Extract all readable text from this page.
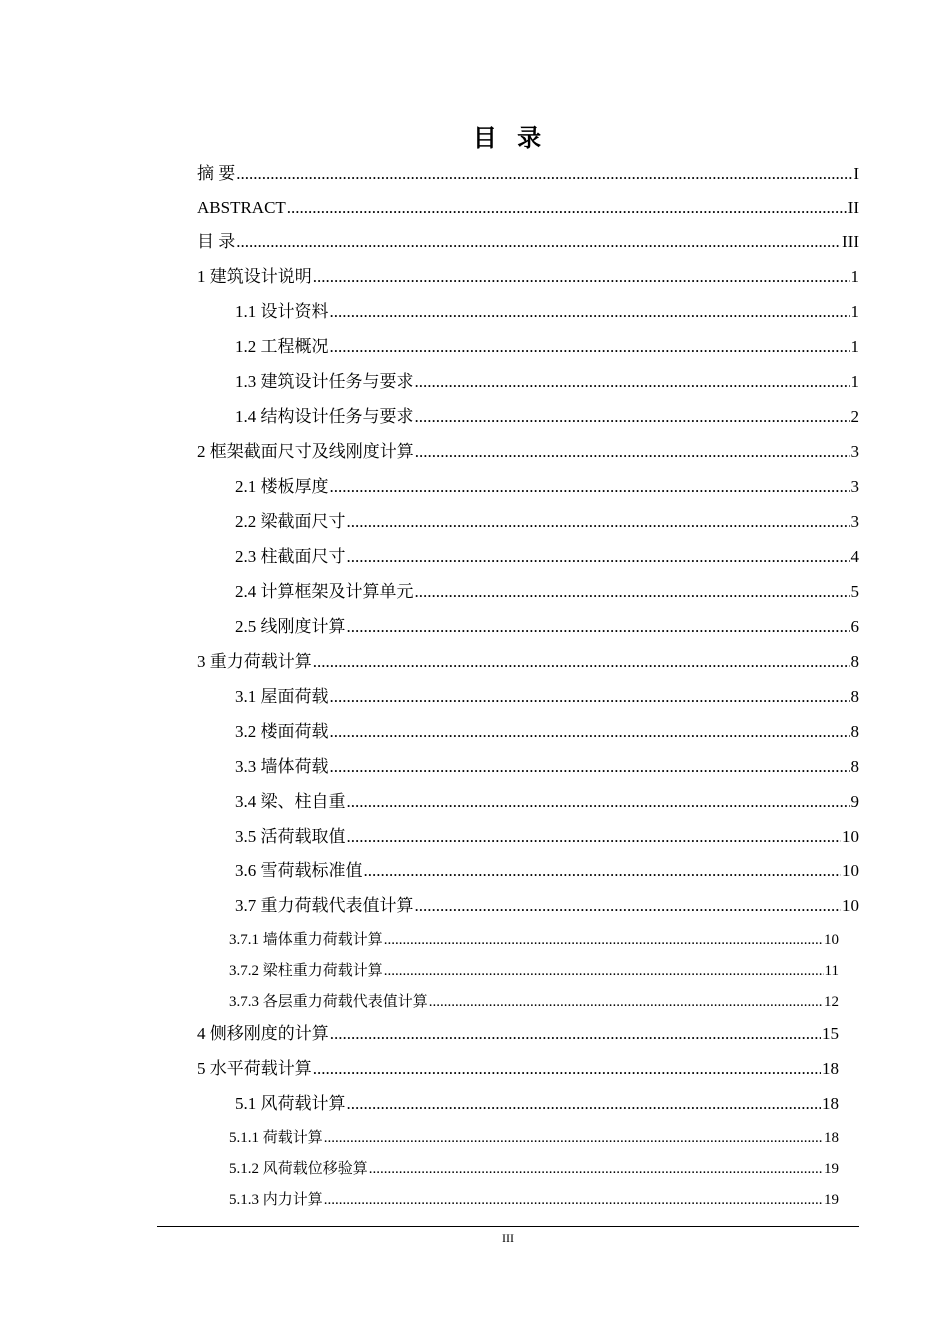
目 录
摘 要 .....	I
ABSTRACT .....	II
目 录 .....	III
1 建筑设计说明 .....	1
1.1 设计资料 .....	1
1.2 工程概况 .....	1
1.3 建筑设计任务与要求 .....	1
1.4 结构设计任务与要求 .....	2
2 框架截面尺寸及线刚度计算 .....	3
2.1 楼板厚度 .....	3
2.2 梁截面尺寸 .....	3
2.3 柱截面尺寸 .....	4
2.4 计算框架及计算单元 .....	5
2.5 线刚度计算 .....	6
3 重力荷载计算 .....	8
3.1 屋面荷载 .....	8
3.2 楼面荷载 .....	8
3.3 墙体荷载 .....	8
3.4 梁、柱自重 .....	9
3.5 活荷载取值 .....	10
3.6 雪荷载标准值 .....	10
3.7 重力荷载代表值计算 .....	10
3.7.1 墙体重力荷载计算 .....	10
3.7.2 梁柱重力荷载计算 .....	11
3.7.3 各层重力荷载代表值计算 .....	12
4 侧移刚度的计算 .....	15
5 水平荷载计算 .....	18
5.1 风荷载计算 .....	18
5.1.1 荷载计算 .....	18
5.1.2 风荷载位移验算 .....	19
5.1.3 内力计算 .....	19
III
